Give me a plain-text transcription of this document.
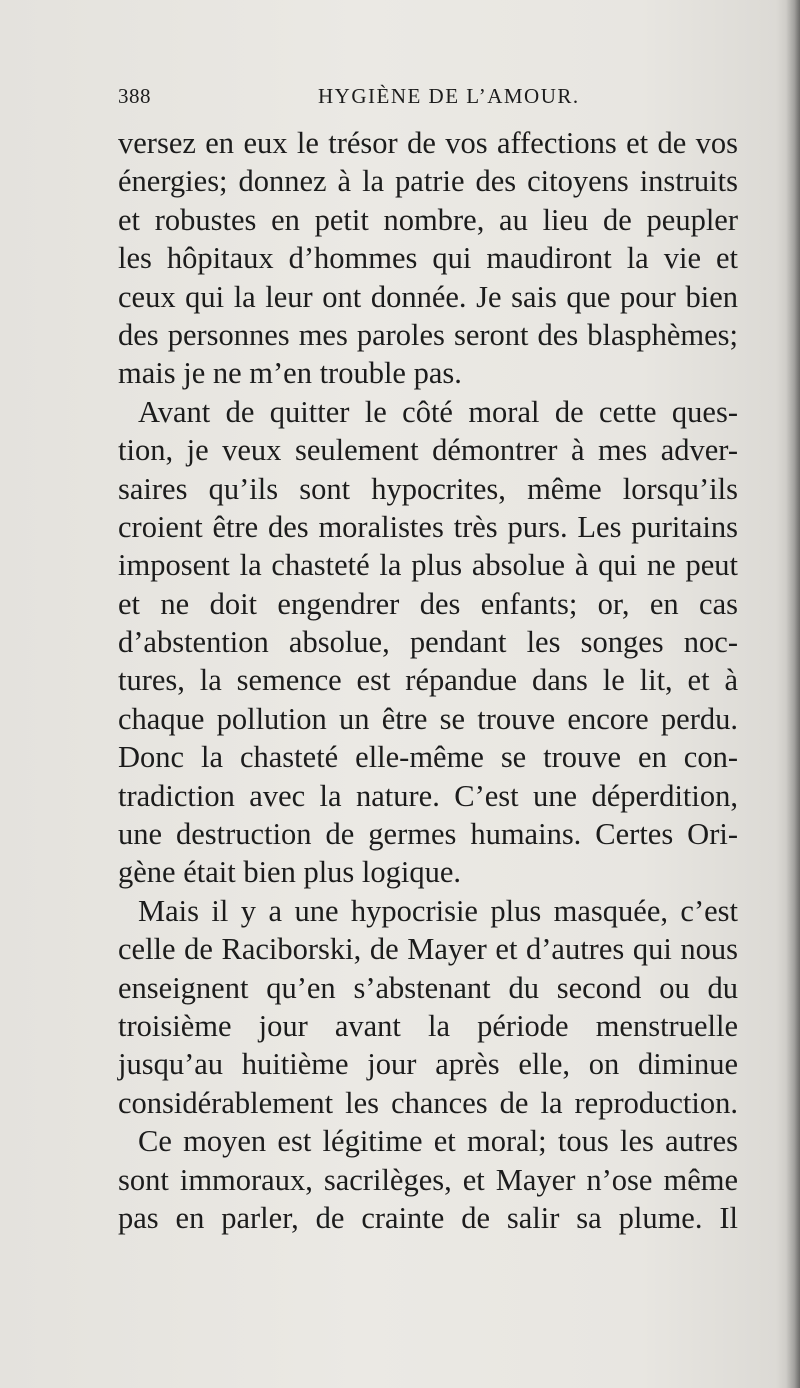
388	HYGIÈNE DE L’AMOUR.
versez en eux le trésor de vos affections et de vos
énergies; donnez à la patrie des citoyens instruits
et robustes en petit nombre, au lieu de peupler
les hôpitaux d’hommes qui maudiront la vie et
ceux qui la leur ont donnée. Je sais que pour bien
des personnes mes paroles seront des blasphèmes;
mais je ne m’en trouble pas.
Avant de quitter le côté moral de cette ques-
tion, je veux seulement démontrer à mes adver-
saires qu’ils sont hypocrites, même lorsqu’ils
croient être des moralistes très purs. Les puritains
imposent la chasteté la plus absolue à qui ne peut
et ne doit engendrer des enfants; or, en cas
d’abstention absolue, pendant les songes noc-
tures, la semence est répandue dans le lit, et à
chaque pollution un être se trouve encore perdu.
Donc la chasteté elle-même se trouve en con-
tradiction avec la nature. C’est une déperdition,
une destruction de germes humains. Certes Ori-
gène était bien plus logique.
Mais il y a une hypocrisie plus masquée, c’est
celle de Raciborski, de Mayer et d’autres qui nous
enseignent qu’en s’abstenant du second ou du
troisième jour avant la période menstruelle
jusqu’au huitième jour après elle, on diminue
considérablement les chances de la reproduction.
Ce moyen est légitime et moral; tous les autres
sont immoraux, sacrilèges, et Mayer n’ose même
pas en parler, de crainte de salir sa plume. Il
